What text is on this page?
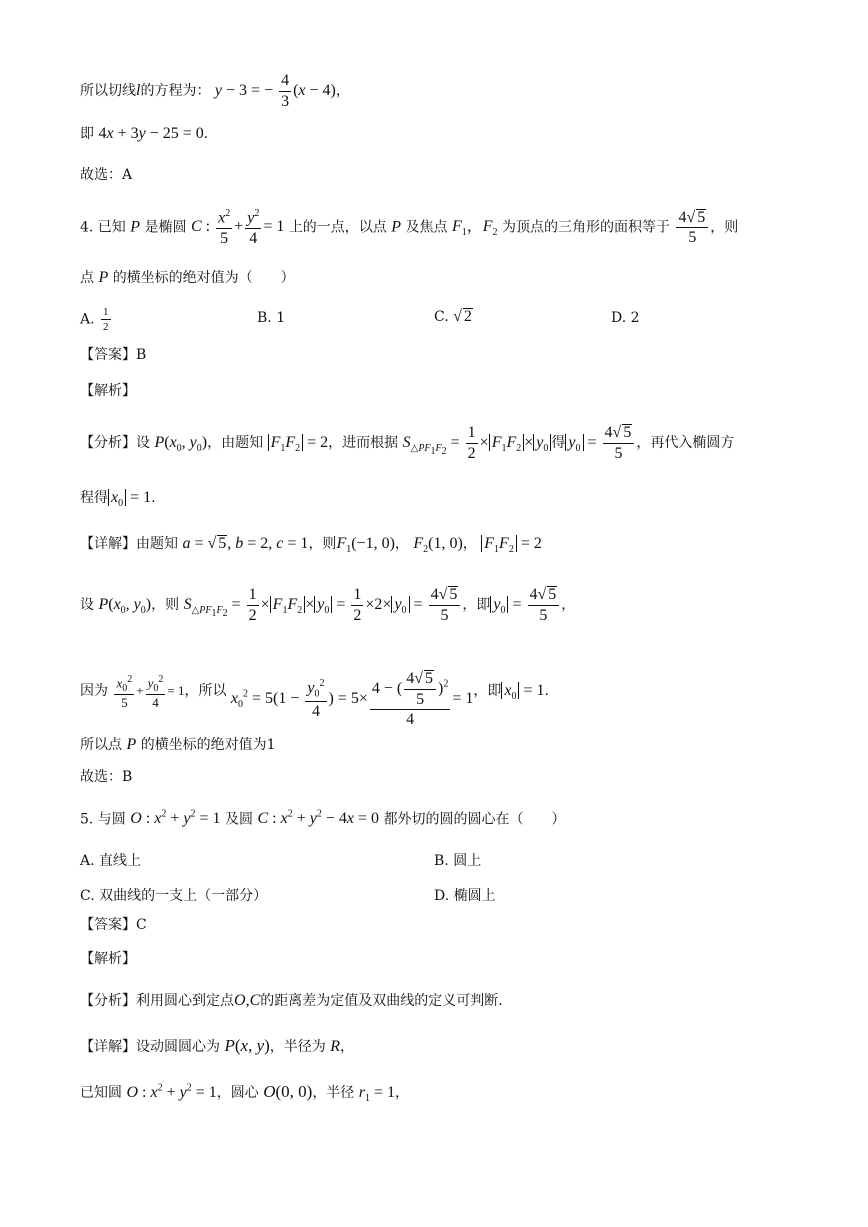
所以切线l的方程为： y − 3 = − $\frac{4}{3} (x - 4)$，
即 4x + 3y − 25 = 0.
故选：A
4. 已知 P 是椭圆 C : $\frac{x^2}{5} + \frac{y^2}{4} = 1$ 上的一点，以点 P 及焦点 $F_1$，$F_2$ 为顶点的三角形的面积等于 $\frac{4√ 5}{5}$ ，则
点 P 的横坐标的绝对值为（　　）
A. $\frac{1}{2}$	B. 1	C. √ 2	D. 2
【答案】B
【解析】
【分析】设 $P(x_0$, $y_0$)，由题知 $F_1F_2 = 2$，进而根据 $S_{\triangle PF_1F_2} = \frac{1}{2} \times F_1F_2 \times y_0$ 得 $y_0 = \frac{4√ 5}{5}$ ，再代入椭圆方
程得 $x_0 = 1$.
【详解】由题知 a = √ 5, b = 2, c = 1，则$F_1(-1$, 0)， $F_2(1$, 0)， $F_1F_2 = 2$
设 $P(x_0$, $y_0$)，则 $S_{\triangle PF_1F_2} = \frac{1}{2} \times F_1F_2 \times y_0 = \frac{1}{2} \times 2\times y_0 = \frac{4√ 5}{5}$ ，即 $y_0 = \frac{4√ 5}{5}$ ，
因为 $\frac{x_0^2}{5} + \frac{y_0^2}{4} = 1$，所以 $x_0^2 = 5(1 - \frac{y_0^2}{4}$ ) = $5\times \frac{4 - ( \frac{4√ 5}{5} )^2}{4} = 1$，即 $x_0 = 1$.
所以点 P 的横坐标的绝对值为1
故选：B
5. 与圆 O : $x^2 + y^2 = 1$ 及圆 C : $x^2 + y^2 - 4x = 0$ 都外切的圆的圆心在（　　）
A. 直线上	B. 圆上
C. 双曲线的一支上（一部分）	D. 椭圆上
【答案】C
【解析】
【分析】利用圆心到定点O,C的距离差为定值及双曲线的定义可判断.
【详解】设动圆圆心为 P(x, y)，半径为 R，
已知圆 O : $x^2 + y^2 = 1$，圆心 O(0, 0)，半径 $r_1 = 1$，
